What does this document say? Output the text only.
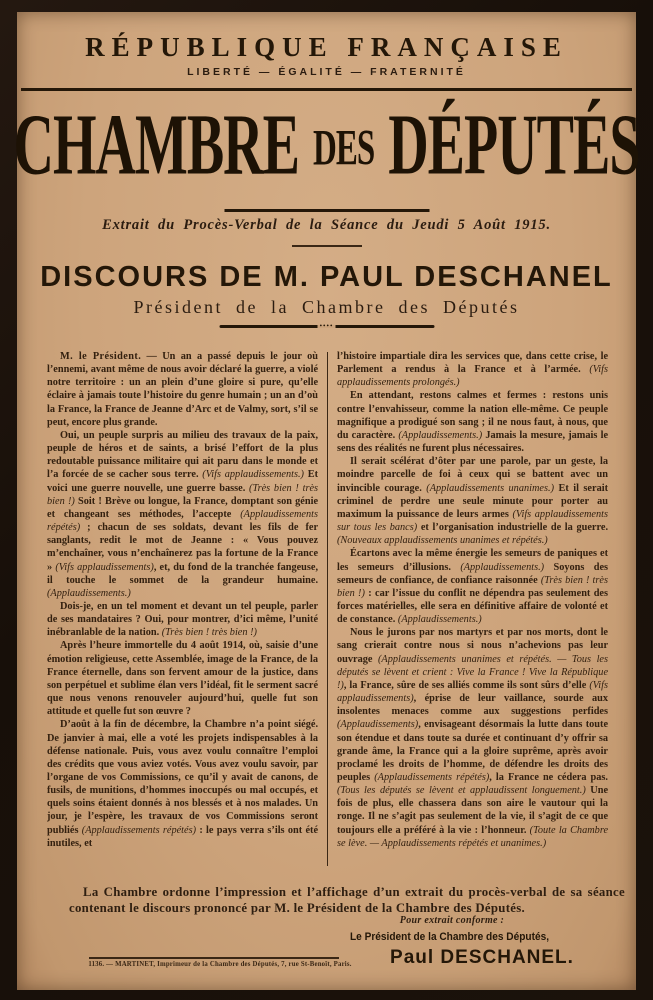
RÉPUBLIQUE FRANÇAISE
LIBERTÉ — ÉGALITÉ — FRATERNITÉ
CHAMBRE DES DÉPUTÉS
Extrait du Procès-Verbal de la Séance du Jeudi 5 Août 1915.
DISCOURS DE M. PAUL DESCHANEL
Président de la Chambre des Députés
••••

M. le Président. — Un an a passé depuis le jour où l’ennemi, avant même de nous avoir déclaré la guerre, a violé notre territoire : un an plein d’une gloire si pure, qu’elle éclaire à jamais toute l’histoire du genre humain ; un an d’où la France, la France de Jeanne d’Arc et de Valmy, sort, s’il se peut, encore plus grande.

Oui, un peuple surpris au milieu des travaux de la paix, peuple de héros et de saints, a brisé l’effort de la plus redoutable puissance militaire qui ait paru dans le monde et l’a forcée de se cacher sous terre. (Vifs applaudissements.) Et voici une guerre nouvelle, une guerre basse. (Très bien ! très bien !) Soit ! Brève ou longue, la France, domptant son génie et changeant ses méthodes, l’accepte (Applaudissements répétés) ; chacun de ses soldats, devant les fils de fer sanglants, redit le mot de Jeanne : « Vous pouvez m’enchaîner, vous n’enchaînerez pas la fortune de la France » (Vifs applaudissements), et, du fond de la tranchée fangeuse, il touche le sommet de la grandeur humaine. (Applaudissements.)

Dois-je, en un tel moment et devant un tel peuple, parler de ses mandataires ? Oui, pour montrer, d’ici même, l’unité inébranlable de la nation. (Très bien ! très bien !)

Après l’heure immortelle du 4 août 1914, où, saisie d’une émotion religieuse, cette Assemblée, image de la France, de la France éternelle, dans son fervent amour de la justice, dans son perpétuel et sublime élan vers l’idéal, fit le serment sacré que nous venons renouveler aujourd’hui, quelle fut son attitude et quelle fut son œuvre ?

D’août à la fin de décembre, la Chambre n’a point siégé. De janvier à mai, elle a voté les projets indispensables à la défense nationale. Puis, vous avez voulu connaître l’emploi des crédits que vous aviez votés. Vous avez voulu savoir, par l’organe de vos Commissions, ce qu’il y avait de canons, de fusils, de munitions, d’hommes inoccupés ou mal occupés, et quels soins étaient donnés à nos blessés et à nos malades. Un jour, je l’espère, les travaux de vos Commissions seront publiés (Applaudissements répétés) : le pays verra s’ils ont été inutiles, et

l’histoire impartiale dira les services que, dans cette crise, le Parlement a rendus à la France et à l’armée. (Vifs applaudissements prolongés.)

En attendant, restons calmes et fermes : restons unis contre l’envahisseur, comme la nation elle-même. Ce peuple magnifique a prodigué son sang ; il ne nous faut, à nous, que du caractère. (Applaudissements.) Jamais la mesure, jamais le sens des réalités ne furent plus nécessaires.

Il serait scélérat d’ôter par une parole, par un geste, la moindre parcelle de foi à ceux qui se battent avec un invincible courage. (Applaudissements unanimes.) Et il serait criminel de perdre une seule minute pour porter au maximum la puissance de leurs armes (Vifs applaudissements sur tous les bancs) et l’organisation industrielle de la guerre. (Nouveaux applaudissements unanimes et répétés.)

Écartons avec la même énergie les semeurs de paniques et les semeurs d’illusions. (Applaudissements.) Soyons des semeurs de confiance, de confiance raisonnée (Très bien ! très bien !) : car l’issue du conflit ne dépendra pas seulement des forces matérielles, elle sera en définitive affaire de volonté et de constance. (Applaudissements.)

Nous le jurons par nos martyrs et par nos morts, dont le sang crierait contre nous si nous n’achevions pas leur ouvrage (Applaudissements unanimes et répétés. — Tous les députés se lèvent et crient : Vive la France ! Vive la République !), la France, sûre de ses alliés comme ils sont sûrs d’elle (Vifs applaudissements), éprise de leur vaillance, sourde aux insolentes menaces comme aux suggestions perfides (Applaudissements), envisageant désormais la lutte dans toute son étendue et dans toute sa durée et continuant d’y offrir sa grande âme, la France qui a la gloire suprême, après avoir proclamé les droits de l’homme, de défendre les droits des peuples (Applaudissements répétés), la France ne cédera pas. (Tous les députés se lèvent et applaudissent longuement.) Une fois de plus, elle chassera dans son aire le vautour qui la ronge. Il ne s’agit pas seulement de la vie, il s’agit de ce que toujours elle a préféré à la vie : l’honneur. (Toute la Chambre se lève. — Applaudissements répétés et unanimes.)

La Chambre ordonne l’impression et l’affichage d’un extrait du procès-verbal de sa séance contenant le discours prononcé par M. le Président de la Chambre des Députés.
Pour extrait conforme :
Le Président de la Chambre des Députés,
Paul DESCHANEL.
1136. — MARTINET, Imprimeur de la Chambre des Députés, 7, rue St-Benoît, Paris.
